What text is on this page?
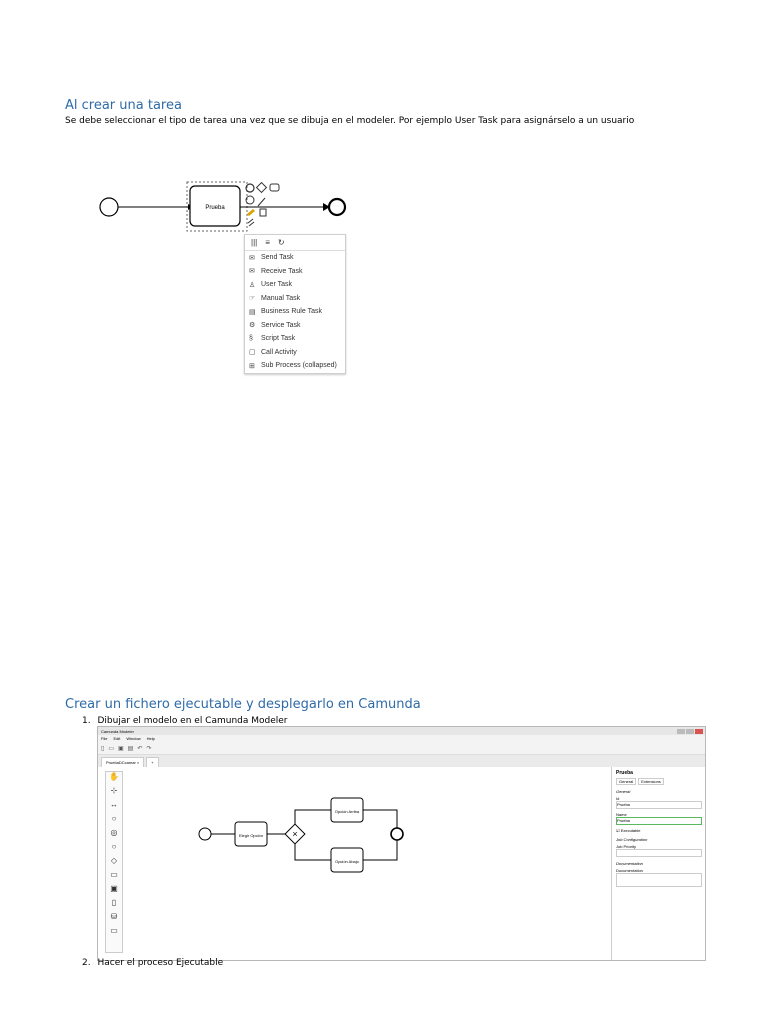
Al crear una tarea
Se debe seleccionar el tipo de tarea una vez que se dibuja en el modeler. Por ejemplo User Task para asignárselo a un usuario
Prueba
||| ≡ ↻
✉ Send Task
✉ Receive Task
♙ User Task
☞ Manual Task
▤ Business Rule Task
⚙ Service Task
§	Script Task
▢ Call Activity
⊞ Sub Process (collapsed)
Crear un fichero ejecutable y desplegarlo en Camunda
1. Dibujar el modelo en el Camunda Modeler
Camunda Modeler
File Edit Window Help
▯ ▭ ▣ ▤ ↶ ↷
PruebaDCcamar ×	+
✋
⊹
↔
○
◎
○
◇
▭
▣
▯
⛁
▭
Elegir Opción	×
Opción Arriba
Opción Abajo
Prueba
General	Extensions
General
Id
Prueba
Name
Prueba
☑ Executable
Job Configuration
Job Priority
Documentation
Documentation
2. Hacer el proceso Ejecutable
